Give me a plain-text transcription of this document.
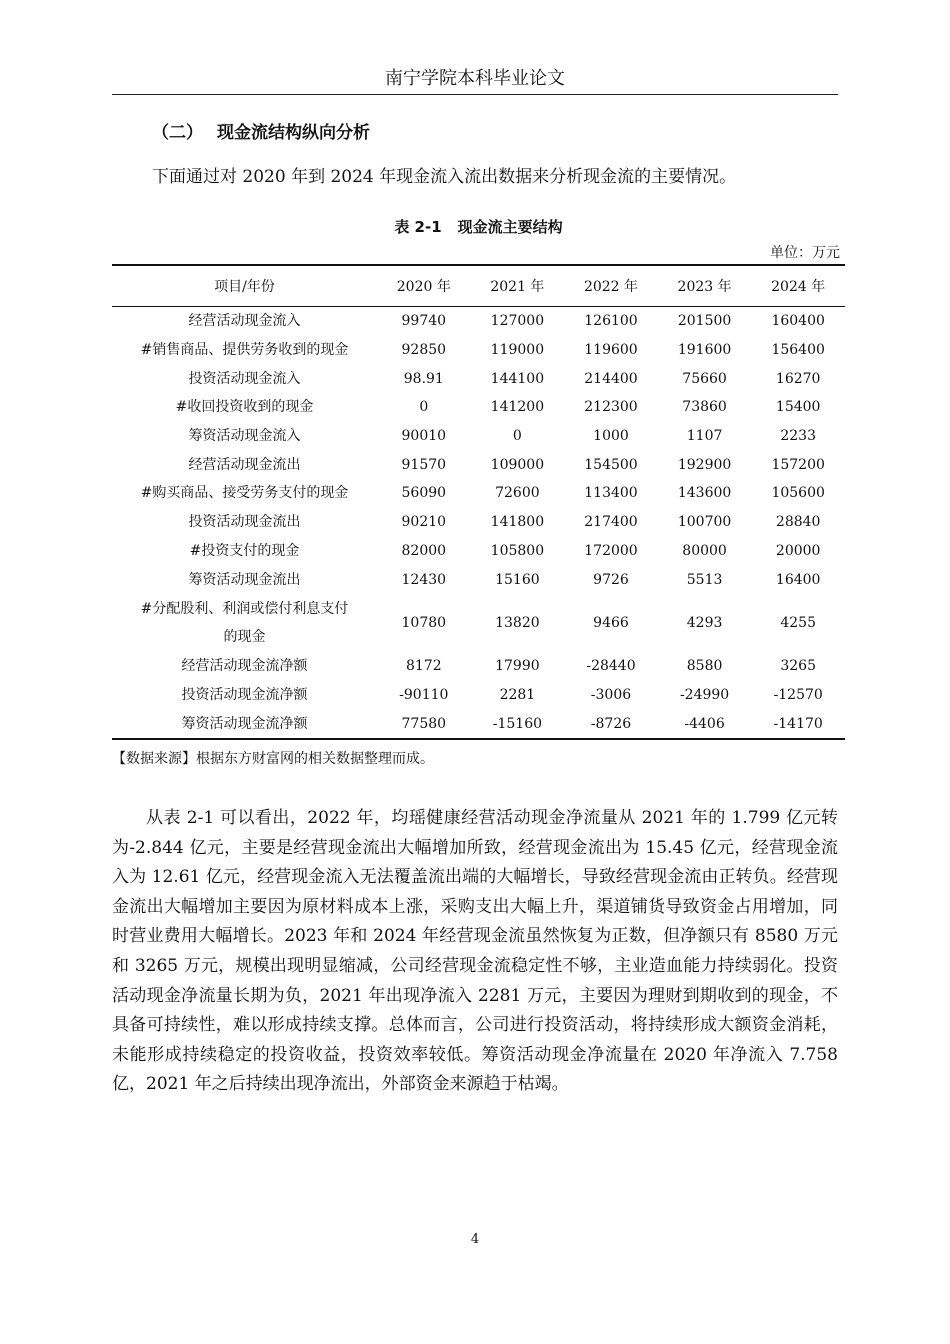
南宁学院本科毕业论文
（二） 现金流结构纵向分析
下面通过对 2020 年到 2024 年现金流入流出数据来分析现金流的主要情况。
表 2-1 现金流主要结构
单位：万元
项目/年份	2020 年	2021 年	2022 年	2023 年	2024 年
经营活动现金流入	99740	127000	126100	201500	160400
#销售商品、提供劳务收到的现金	92850	119000	119600	191600	156400
投资活动现金流入	98.91	144100	214400	75660	16270
#收回投资收到的现金	0	141200	212300	73860	15400
筹资活动现金流入	90010	0	1000	1107	2233
经营活动现金流出	91570	109000	154500	192900	157200
#购买商品、接受劳务支付的现金	56090	72600	113400	143600	105600
投资活动现金流出	90210	141800	217400	100700	28840
#投资支付的现金	82000	105800	172000	80000	20000
筹资活动现金流出	12430	15160	9726	5513	16400

#分配股利、利润或偿付利息支付
的现金	10780	13820	9466	4293	4255
经营活动现金流净额	8172	17990	-28440	8580	3265
投资活动现金流净额	-90110	2281	-3006	-24990	-12570
筹资活动现金流净额	77580	-15160	-8726	-4406	-14170
【数据来源】根据东方财富网的相关数据整理而成。

从表 2-1 可以看出，2022 年，均瑶健康经营活动现金净流量从 2021 年的 1.799 亿元转为-2.844 亿元，主要是经营现金流出大幅增加所致，经营现金流出为 15.45 亿元，经营现金流入为 12.61 亿元，经营现金流入无法覆盖流出端的大幅增长，导致经营现金流由正转负。经营现金流出大幅增加主要因为原材料成本上涨，采购支出大幅上升，渠道铺货导致资金占用增加，同时营业费用大幅增长。2023 年和 2024 年经营现金流虽然恢复为正数，但净额只有 8580 万元和 3265 万元，规模出现明显缩减，公司经营现金流稳定性不够，主业造血能力持续弱化。投资活动现金净流量长期为负，2021 年出现净流入 2281 万元，主要因为理财到期收到的现金，不具备可持续性，难以形成持续支撑。总体而言，公司进行投资活动，将持续形成大额资金消耗，未能形成持续稳定的投资收益，投资效率较低。筹资活动现金净流量在 2020 年净流入 7.758 亿，2021 年之后持续出现净流出，外部资金来源趋于枯竭。

4
